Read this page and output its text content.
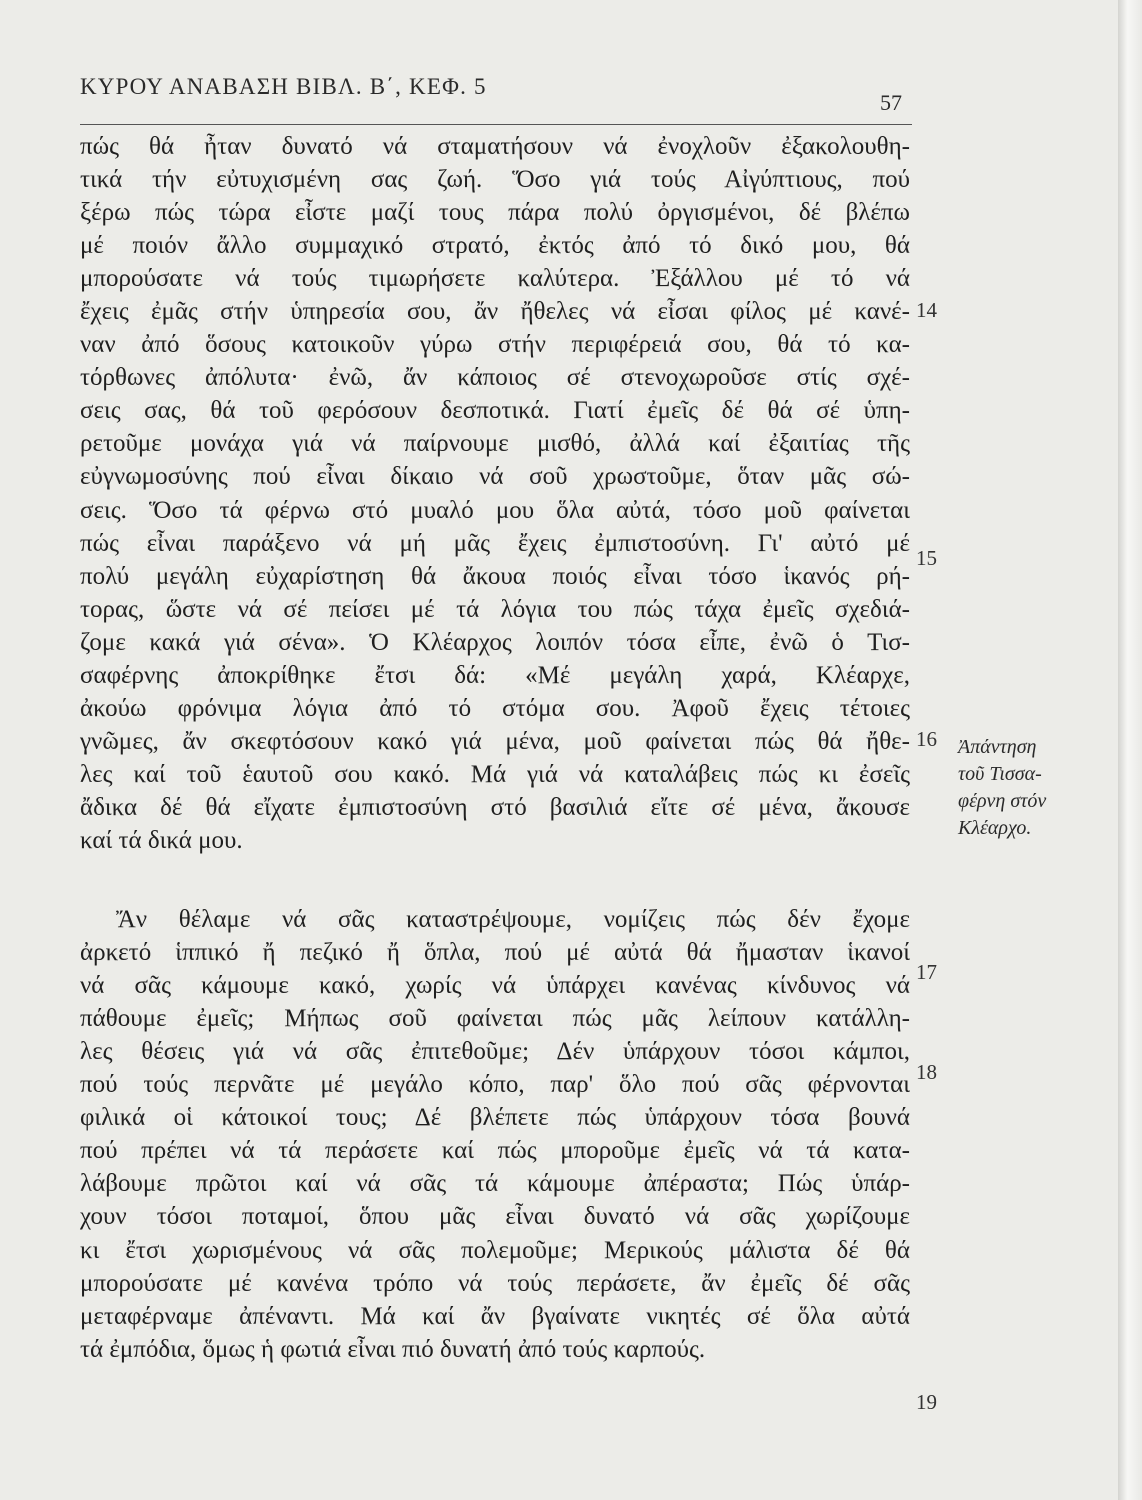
ΚΥΡΟΥ ΑΝΑΒΑΣΗ ΒΙΒΛ. Β΄, ΚΕΦ. 5
57
πώς θά ἦταν δυνατό νά σταματήσουν νά ἐνοχλοῦν ἐξακολουθη-
τικά τήν εὐτυχισμένη σας ζωή. Ὅσο γιά τούς Αἰγύπτιους, πού
ξέρω πώς τώρα εἶστε μαζί τους πάρα πολύ ὀργισμένοι, δέ βλέπω
μέ ποιόν ἄλλο συμμαχικό στρατό, ἐκτός ἀπό τό δικό μου, θά
μπορούσατε νά τούς τιμωρήσετε καλύτερα. Ἐξάλλου μέ τό νά
ἔχεις ἐμᾶς στήν ὑπηρεσία σου, ἄν ἤθελες νά εἶσαι φίλος μέ κανέ-
ναν ἀπό ὅσους κατοικοῦν γύρω στήν περιφέρειά σου, θά τό κα-
τόρθωνες ἀπόλυτα· ἐνῶ, ἄν κάποιος σέ στενοχωροῦσε στίς σχέ-
σεις σας, θά τοῦ φερόσουν δεσποτικά. Γιατί ἐμεῖς δέ θά σέ ὑπη-
ρετοῦμε μονάχα γιά νά παίρνουμε μισθό, ἀλλά καί ἐξαιτίας τῆς
εὐγνωμοσύνης πού εἶναι δίκαιο νά σοῦ χρωστοῦμε, ὅταν μᾶς σώ-
σεις. Ὅσο τά φέρνω στό μυαλό μου ὅλα αὐτά, τόσο μοῦ φαίνεται
πώς εἶναι παράξενο νά μή μᾶς ἔχεις ἐμπιστοσύνη. Γι' αὐτό μέ
πολύ μεγάλη εὐχαρίστηση θά ἄκουα ποιός εἶναι τόσο ἱκανός ρή-
τορας, ὥστε νά σέ πείσει μέ τά λόγια του πώς τάχα ἐμεῖς σχεδιά-
ζομε κακά γιά σένα». Ὁ Κλέαρχος λοιπόν τόσα εἶπε, ἐνῶ ὁ Τισ-
σαφέρνης ἀποκρίθηκε ἔτσι δά: «Μέ μεγάλη χαρά, Κλέαρχε,
ἀκούω φρόνιμα λόγια ἀπό τό στόμα σου. Ἀφοῦ ἔχεις τέτοιες
γνῶμες, ἄν σκεφτόσουν κακό γιά μένα, μοῦ φαίνεται πώς θά ἤθε-
λες καί τοῦ ἑαυτοῦ σου κακό. Μά γιά νά καταλάβεις πώς κι ἐσεῖς
ἄδικα δέ θά εἴχατε ἐμπιστοσύνη στό βασιλιά εἴτε σέ μένα, ἄκουσε
καί τά δικά μου.
Ἄν θέλαμε νά σᾶς καταστρέψουμε, νομίζεις πώς δέν ἔχομε
ἀρκετό ἱππικό ἤ πεζικό ἤ ὅπλα, πού μέ αὐτά θά ἤμασταν ἱκανοί
νά σᾶς κάμουμε κακό, χωρίς νά ὑπάρχει κανένας κίνδυνος νά
πάθουμε ἐμεῖς; Μήπως σοῦ φαίνεται πώς μᾶς λείπουν κατάλλη-
λες θέσεις γιά νά σᾶς ἐπιτεθοῦμε; Δέν ὑπάρχουν τόσοι κάμποι,
πού τούς περνᾶτε μέ μεγάλο κόπο, παρ' ὅλο πού σᾶς φέρνονται
φιλικά οἱ κάτοικοί τους; Δέ βλέπετε πώς ὑπάρχουν τόσα βουνά
πού πρέπει νά τά περάσετε καί πώς μποροῦμε ἐμεῖς νά τά κατα-
λάβουμε πρῶτοι καί νά σᾶς τά κάμουμε ἀπέραστα; Πώς ὑπάρ-
χουν τόσοι ποταμοί, ὅπου μᾶς εἶναι δυνατό νά σᾶς χωρίζουμε
κι ἔτσι χωρισμένους νά σᾶς πολεμοῦμε; Μερικούς μάλιστα δέ θά
μπορούσατε μέ κανένα τρόπο νά τούς περάσετε, ἄν ἐμεῖς δέ σᾶς
μεταφέρναμε ἀπέναντι. Μά καί ἄν βγαίνατε νικητές σέ ὅλα αὐτά
τά ἐμπόδια, ὅμως ἡ φωτιά εἶναι πιό δυνατή ἀπό τούς καρπούς.
14
15
16
17
18
19
Ἀπάντηση
τοῦ Τισσα-
φέρνη στόν
Κλέαρχο.
